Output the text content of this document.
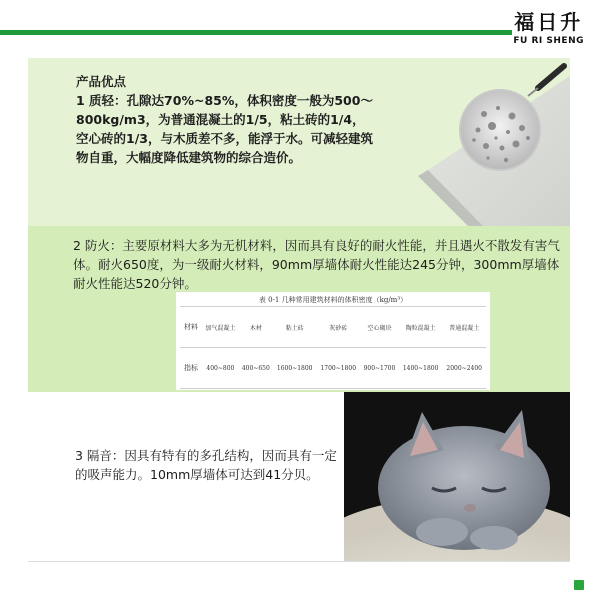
福日升
FU RI SHENG
产品优点
1 质轻：孔隙达70%~85%，体积密度一般为500～800kg/m3，为普通混凝土的1/5，粘土砖的1/4，空心砖的1/3，与木质差不多，能浮于水。可减轻建筑物自重，大幅度降低建筑物的综合造价。
2 防火：主要原材料大多为无机材料，因而具有良好的耐火性能，并且遇火不散发有害气体。耐火650度，为一级耐火材料，90mm厚墙体耐火性能达245分钟，300mm厚墙体耐火性能达520分钟。
表 0-1 几种常用建筑材料的体积密度（kg/m³）
材料	加气混凝土	木材	粘土砖	灰砂砖	空心砌块	陶粒混凝土	普通混凝土
指标	400~800	400~650	1600~1800	1700~1800	900~1700	1400~1800	2000~2400
3 隔音：因具有特有的多孔结构，因而具有一定的吸声能力。10mm厚墙体可达到41分贝。
